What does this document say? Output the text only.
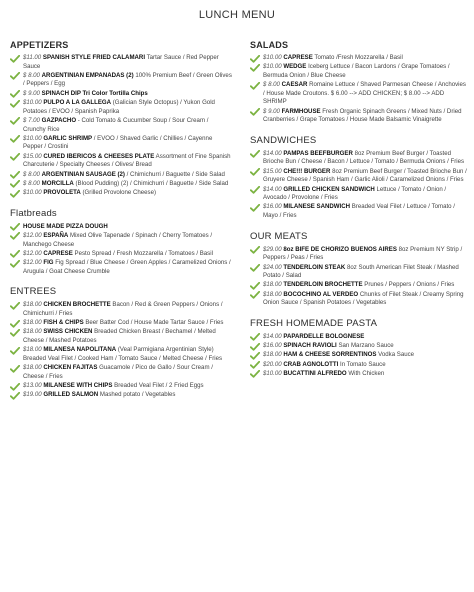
LUNCH MENU
APPETIZERS
$11.00 SPANISH STYLE FRIED CALAMARI Tartar Sauce / Red Pepper Sauce
$ 8.00 ARGENTINIAN EMPANADAS (2) 100% Premium Beef / Green Olives / Peppers / Egg
$ 9.00 SPINACH DIP Tri Color Tortilla Chips
$10.00 PULPO A LA GALLEGA (Galician Style Octopus) / Yukon Gold Potatoes / EVOO / Spanish Paprika
$ 7.00 GAZPACHO - Cold Tomato & Cucumber Soup / Sour Cream / Crunchy Rice
$10.00 GARLIC SHRIMP / EVOO / Shaved Garlic / Chillies / Cayenne Pepper / Crostini
$15.00 CURED IBERICOS & CHEESES PLATE Assortment of Fine Spanish Charcuterie / Specialty Cheeses / Olives/ Bread
$ 8.00 ARGENTINIAN SAUSAGE (2) / Chimichurri / Baguette / Side Salad
$ 8.00 MORCILLA (Blood Pudding) (2) / Chimichurri / Baguette / Side Salad
$10.00 PROVOLETA (Grilled Provolone Cheese)
Flatbreads
HOUSE MADE PIZZA DOUGH
$12.00 ESPAÑA Mixed Olive Tapenade / Spinach / Cherry Tomatoes / Manchego Cheese
$12.00 CAPRESE Pesto Spread / Fresh Mozzarella / Tomatoes / Basil
$12.00 FIG Fig Spread / Blue Cheese / Green Apples / Caramelized Onions / Arugula / Goat Cheese Crumble
ENTREES
$18.00 CHICKEN BROCHETTE Bacon / Red & Green Peppers / Onions / Chimichurri / Fries
$18.00 FISH & CHIPS Beer Batter Cod / House Made Tartar Sauce / Fries
$18.00 SWISS CHICKEN Breaded Chicken Breast / Bechamel / Melted Cheese / Mashed Potatoes
$18.00 MILANESA NAPOLITANA (Veal Parmigiana Argentinian Style) Breaded Veal Filet / Cooked Ham / Tomato Sauce / Melted Cheese / Fries
$18.00 CHICKEN FAJITAS Guacamole / Pico de Gallo / Sour Cream / Cheese / Fries
$13.00 MILANESE WITH CHIPS Breaded Veal Filet / 2 Fried Eggs
$19.00 GRILLED SALMON Mashed potato / Vegetables
SALADS
$10.00 CAPRESE Tomato /Fresh Mozzarella / Basil
$10.00 WEDGE Iceberg Lettuce / Bacon Lardons / Grape Tomatoes / Bermuda Onion / Blue Cheese
$ 8.00 CAESAR Romaine Lettuce / Shaved Parmesan Cheese / Anchovies / House Made Croutons. $ 6.00 --> ADD CHICKEN; $ 8.00 --> ADD SHRIMP
$ 9.00 FARMHOUSE Fresh Organic Spinach Greens / Mixed Nuts / Dried Cranberries / Grape Tomatoes / House Made Balsamic Vinaigrette
SANDWICHES
$14.00 PAMPAS BEEFBURGER 8oz Premium Beef Burger / Toasted Brioche Bun / Cheese / Bacon / Lettuce / Tomato / Bermuda Onions / Fries
$15.00 CHE!!! BURGER 8oz Premium Beef Burger / Toasted Brioche Bun / Gruyere Cheese / Spanish Ham / Garlic Alioli / Caramelized Onions / Fries
$14.00 GRILLED CHICKEN SANDWICH Lettuce / Tomato / Onion / Avocado / Provolone / Fries
$16.00 MILANESE SANDWICH Breaded Veal Filet / Lettuce / Tomato / Mayo / Fries
OUR MEATS
$29.00 8oz BIFE DE CHORIZO BUENOS AIRES 8oz Premium NY Strip / Peppers / Peas / Fries
$24.00 TENDERLOIN STEAK 8oz South American Filet Steak / Mashed Potato / Salad
$18.00 TENDERLOIN BROCHETTE Prunes / Peppers / Onions / Fries
$18.00 BOCOCHINO AL VERDEO Chunks of Filet Steak / Creamy Spring Onion Sauce / Spanish Potatoes / Vegetables
FRESH HOMEMADE PASTA
$14.00 PAPARDELLE BOLOGNESE
$16.00 SPINACH RAVIOLI San Marzano Sauce
$18.00 HAM & CHEESE SORRENTINOS Vodka Sauce
$20.00 CRAB AGNOLOTTI In Tomato Sauce
$10.00 BUCATTINI ALFREDO With Chicken
